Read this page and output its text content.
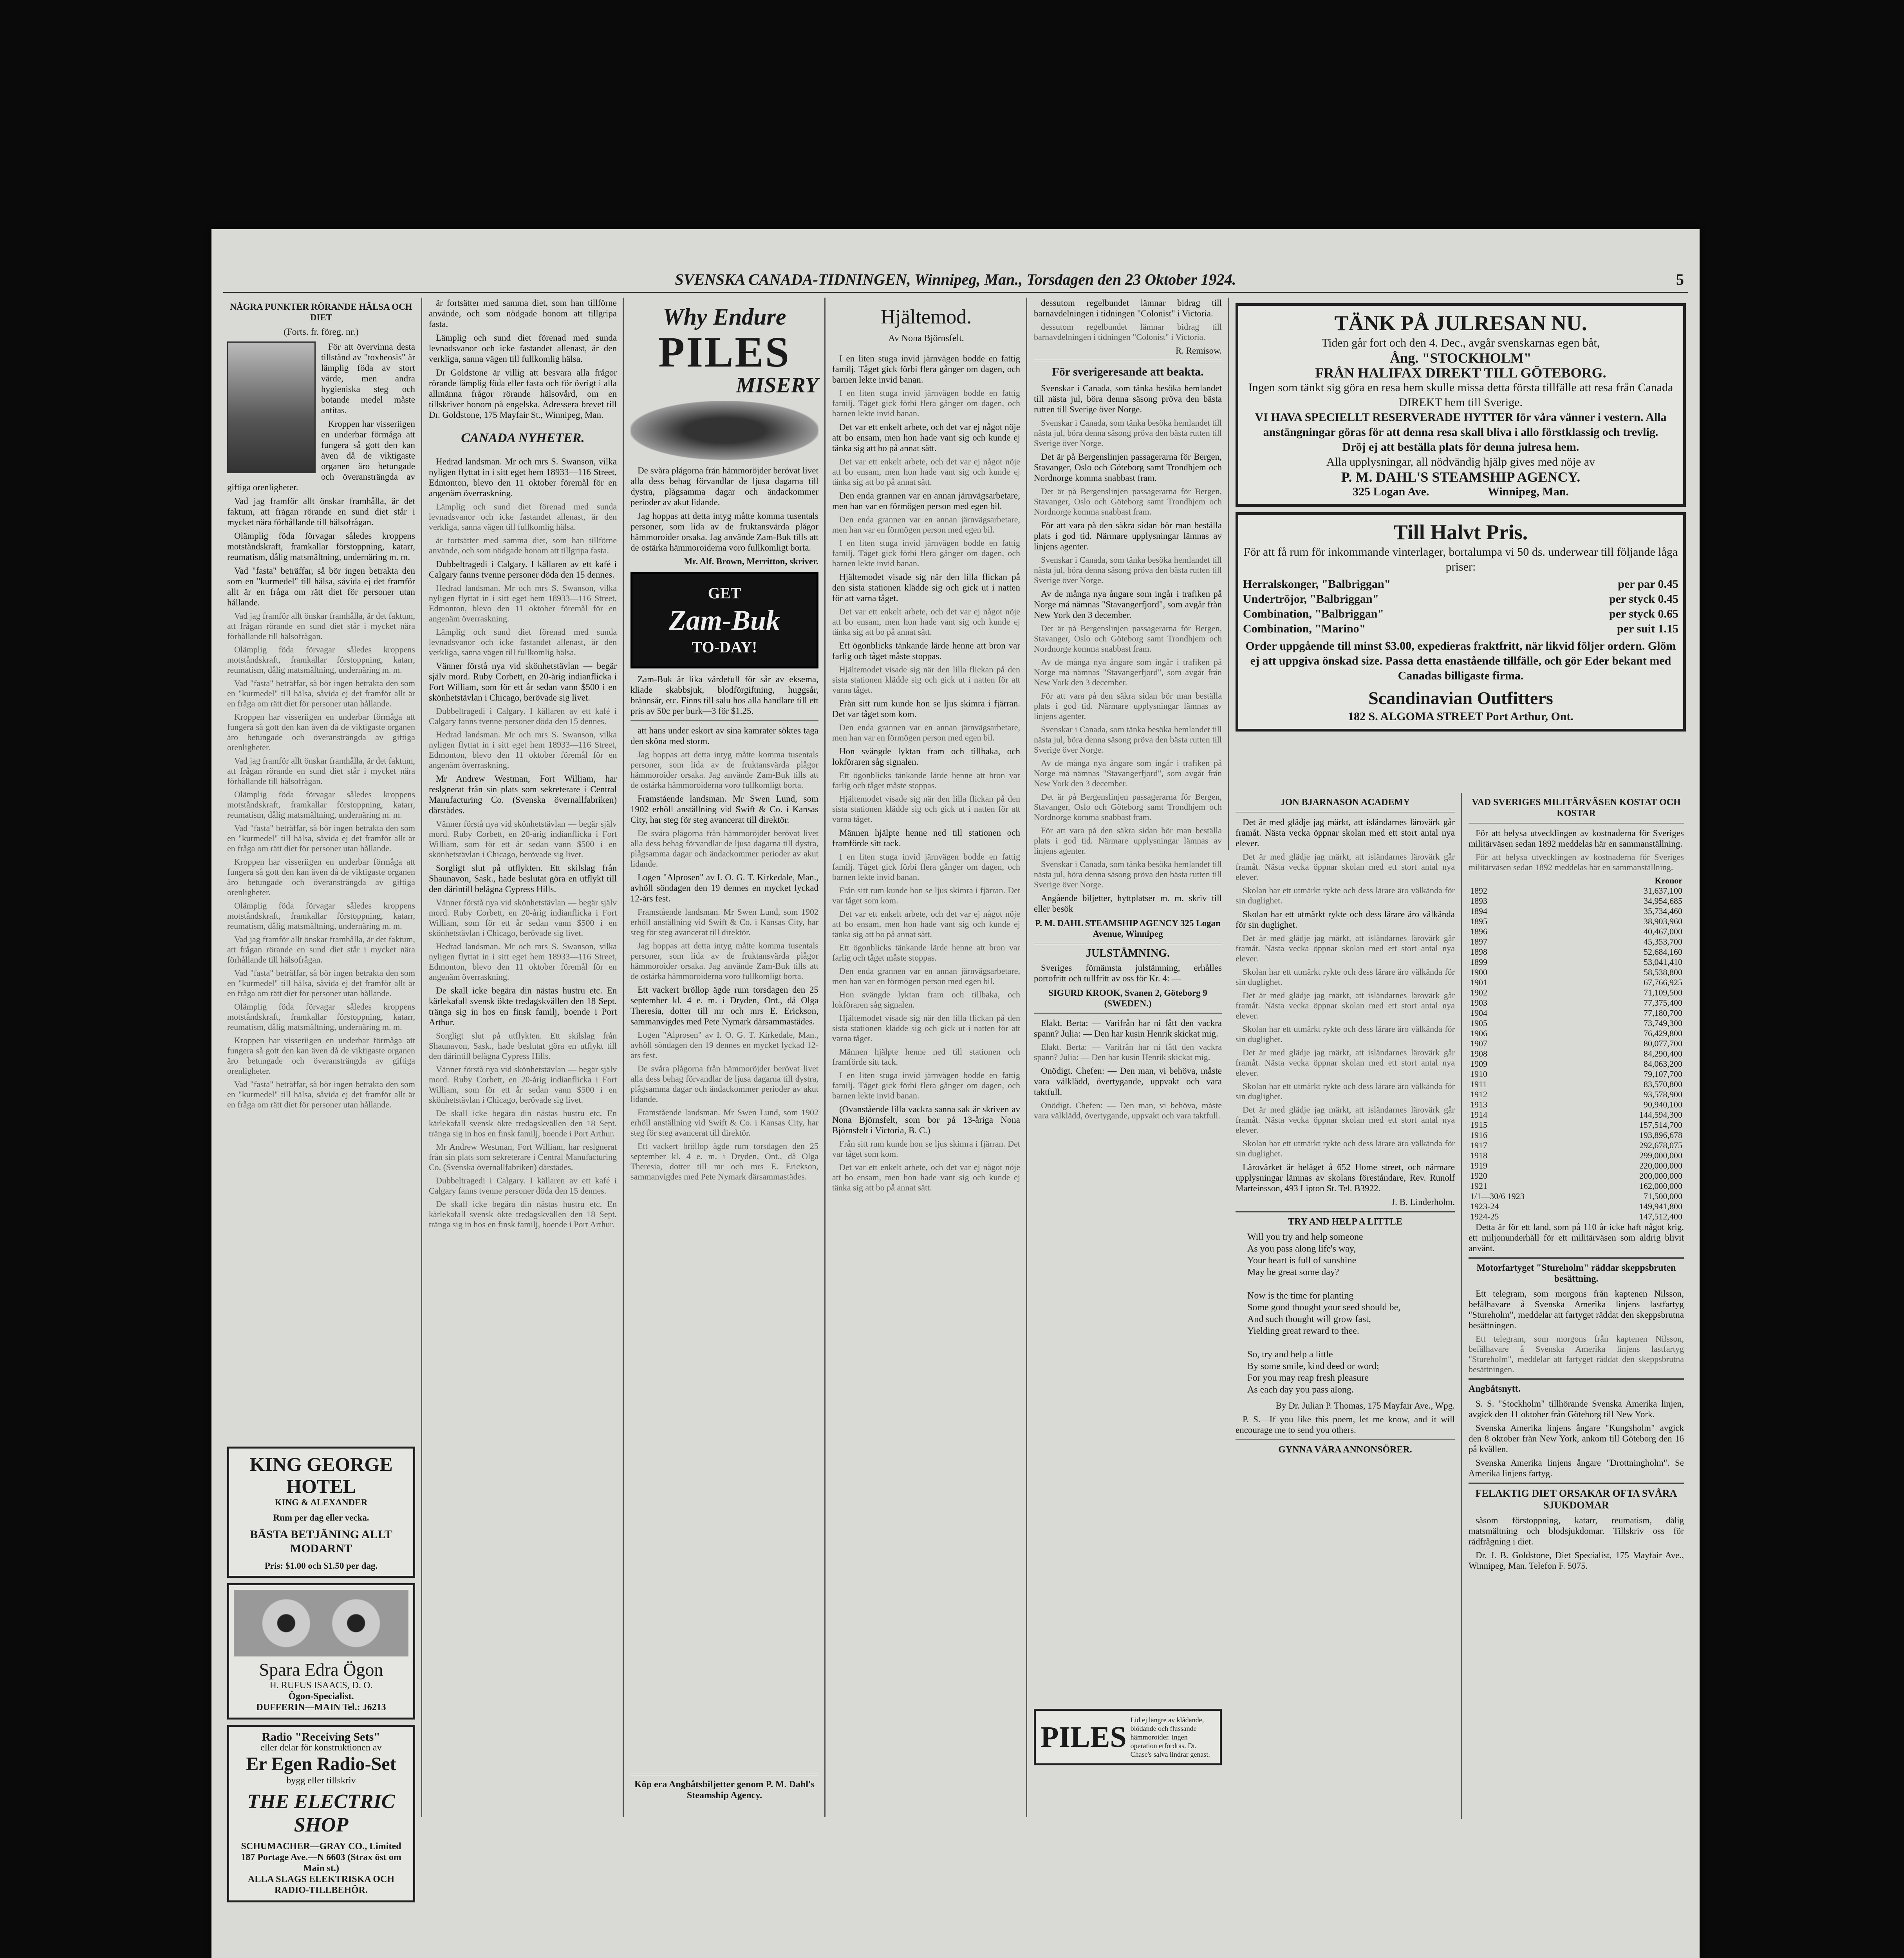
SVENSKA CANADA-TIDNINGEN, Winnipeg, Man., Torsdagen den 23 Oktober 1924.	5
NÅGRA PUNKTER RÖRANDE HÄLSA OCH DIET
(Forts. fr. föreg. nr.)

För att övervinna desta tillstånd av "toxheosis" är lämplig föda av stort värde, men andra hygieniska steg och botande medel måste antitas.

Kroppen har visseriigen en underbar förmåga att fungera så gott den kan även då de viktigaste organen äro betungade och överansträngda av giftiga orenligheter.

Vad jag framför allt önskar framhålla, är det faktum, att frågan rörande en sund diet står i mycket nära förhållande till hälsofrågan.

Olämplig föda förvagar således kroppens motståndskraft, framkallar förstoppning, katarr, reumatism, dålig matsmältning, undernäring m. m.

Vad "fasta" beträffar, så bör ingen betrakta den som en "kurmedel" till hälsa, såvida ej det framför allt är en fråga om rätt diet för personer utan hållande.

Vad jag framför allt önskar framhålla, är det faktum, att frågan rörande en sund diet står i mycket nära förhållande till hälsofrågan.

Olämplig föda förvagar således kroppens motståndskraft, framkallar förstoppning, katarr, reumatism, dålig matsmältning, undernäring m. m.

Vad "fasta" beträffar, så bör ingen betrakta den som en "kurmedel" till hälsa, såvida ej det framför allt är en fråga om rätt diet för personer utan hållande.

Kroppen har visseriigen en underbar förmåga att fungera så gott den kan även då de viktigaste organen äro betungade och överansträngda av giftiga orenligheter.

Vad jag framför allt önskar framhålla, är det faktum, att frågan rörande en sund diet står i mycket nära förhållande till hälsofrågan.

Olämplig föda förvagar således kroppens motståndskraft, framkallar förstoppning, katarr, reumatism, dålig matsmältning, undernäring m. m.

Vad "fasta" beträffar, så bör ingen betrakta den som en "kurmedel" till hälsa, såvida ej det framför allt är en fråga om rätt diet för personer utan hållande.

Kroppen har visseriigen en underbar förmåga att fungera så gott den kan även då de viktigaste organen äro betungade och överansträngda av giftiga orenligheter.

Olämplig föda förvagar således kroppens motståndskraft, framkallar förstoppning, katarr, reumatism, dålig matsmältning, undernäring m. m.

Vad jag framför allt önskar framhålla, är det faktum, att frågan rörande en sund diet står i mycket nära förhållande till hälsofrågan.

Vad "fasta" beträffar, så bör ingen betrakta den som en "kurmedel" till hälsa, såvida ej det framför allt är en fråga om rätt diet för personer utan hållande.

Olämplig föda förvagar således kroppens motståndskraft, framkallar förstoppning, katarr, reumatism, dålig matsmältning, undernäring m. m.

Kroppen har visseriigen en underbar förmåga att fungera så gott den kan även då de viktigaste organen äro betungade och överansträngda av giftiga orenligheter.

Vad "fasta" beträffar, så bör ingen betrakta den som en "kurmedel" till hälsa, såvida ej det framför allt är en fråga om rätt diet för personer utan hållande.

KING GEORGE HOTEL
KING & ALEXANDER
Rum per dag eller vecka.
BÄSTA BETJÄNING ALLT MODARNT
Pris: $1.00 och $1.50 per dag.
Spara Edra Ögon
H. RUFUS ISAACS, D. O.
Ögon-Specialist.
DUFFERIN—MAIN Tel.: J6213
Radio "Receiving Sets"
eller delar för konstruktionen av
Er Egen Radio-Set
bygg eller tillskriv
THE ELECTRIC SHOP
SCHUMACHER—GRAY CO., Limited
187 Portage Ave.—N 6603 (Strax öst om Main st.)
ALLA SLAGS ELEKTRISKA OCH RADIO-TILLBEHÖR.

är fortsätter med samma diet, som han tillförne använde, och som nödgade honom att tillgripa fasta.

Lämplig och sund diet förenad med sunda levnadsvanor och icke fastandet allenast, är den verkliga, sanna vägen till fullkomlig hälsa.

Dr Goldstone är villig att besvara alla frågor rörande lämplig föda eller fasta och för övrigt i alla allmänna frågor rörande hälsovård, om en tillskriver honom på engelska. Adressera brevet till Dr. Goldstone, 175 Mayfair St., Winnipeg, Man.

CANADA NYHETER.

Hedrad landsman. Mr och mrs S. Swanson, vilka nyligen flyttat in i sitt eget hem 18933—116 Street, Edmonton, blevo den 11 oktober föremål för en angenäm överraskning.

Lämplig och sund diet förenad med sunda levnadsvanor och icke fastandet allenast, är den verkliga, sanna vägen till fullkomlig hälsa.

är fortsätter med samma diet, som han tillförne använde, och som nödgade honom att tillgripa fasta.

Dubbeltragedi i Calgary. I källaren av ett kafé i Calgary fanns tvenne personer döda den 15 dennes.

Hedrad landsman. Mr och mrs S. Swanson, vilka nyligen flyttat in i sitt eget hem 18933—116 Street, Edmonton, blevo den 11 oktober föremål för en angenäm överraskning.

Lämplig och sund diet förenad med sunda levnadsvanor och icke fastandet allenast, är den verkliga, sanna vägen till fullkomlig hälsa.

Vänner förstå nya vid skönhetstävlan — begär själv mord. Ruby Corbett, en 20-årig indianflicka i Fort William, som för ett år sedan vann $500 i en skönhetstävlan i Chicago, berövade sig livet.

Dubbeltragedi i Calgary. I källaren av ett kafé i Calgary fanns tvenne personer döda den 15 dennes.

Hedrad landsman. Mr och mrs S. Swanson, vilka nyligen flyttat in i sitt eget hem 18933—116 Street, Edmonton, blevo den 11 oktober föremål för en angenäm överraskning.

Mr Andrew Westman, Fort William, har reslgnerat från sin plats som sekreterare i Central Manufacturing Co. (Svenska övernallfabriken) därstädes.

Vänner förstå nya vid skönhetstävlan — begär själv mord. Ruby Corbett, en 20-årig indianflicka i Fort William, som för ett år sedan vann $500 i en skönhetstävlan i Chicago, berövade sig livet.

Sorgligt slut på utflykten. Ett skilslag från Shaunavon, Sask., hade beslutat göra en utflykt till den därintill belägna Cypress Hills.

Vänner förstå nya vid skönhetstävlan — begär själv mord. Ruby Corbett, en 20-årig indianflicka i Fort William, som för ett år sedan vann $500 i en skönhetstävlan i Chicago, berövade sig livet.

Hedrad landsman. Mr och mrs S. Swanson, vilka nyligen flyttat in i sitt eget hem 18933—116 Street, Edmonton, blevo den 11 oktober föremål för en angenäm överraskning.

De skall icke begära din nästas hustru etc. En kärlekafall svensk ökte tredagskvällen den 18 Sept. tränga sig in hos en finsk familj, boende i Port Arthur.

Sorgligt slut på utflykten. Ett skilslag från Shaunavon, Sask., hade beslutat göra en utflykt till den därintill belägna Cypress Hills.

Vänner förstå nya vid skönhetstävlan — begär själv mord. Ruby Corbett, en 20-årig indianflicka i Fort William, som för ett år sedan vann $500 i en skönhetstävlan i Chicago, berövade sig livet.

De skall icke begära din nästas hustru etc. En kärlekafall svensk ökte tredagskvällen den 18 Sept. tränga sig in hos en finsk familj, boende i Port Arthur.

Mr Andrew Westman, Fort William, har reslgnerat från sin plats som sekreterare i Central Manufacturing Co. (Svenska övernallfabriken) därstädes.

Dubbeltragedi i Calgary. I källaren av ett kafé i Calgary fanns tvenne personer döda den 15 dennes.

De skall icke begära din nästas hustru etc. En kärlekafall svensk ökte tredagskvällen den 18 Sept. tränga sig in hos en finsk familj, boende i Port Arthur.

Why Endure
PILES
MISERY

De svåra plågorna från hämmoröjder berövat livet alla dess behag förvandlar de ljusa dagarna till dystra, plågsamma dagar och ändackommer perioder av akut lidande.

Jag hoppas att detta intyg måtte komma tusentals personer, som lida av de fruktansvärda plågor hämmoroider orsaka. Jag använde Zam-Buk tills att de ostärka hämmoroiderna voro fullkomligt borta.

Mr. Alf. Brown, Merritton, skriver.

GET
Zam-Buk
TO-DAY!

Zam-Buk är lika värdefull för sår av eksema, kliade skabbsjuk, blodförgiftning, huggsår, brännsår, etc. Finns till salu hos alla handlare till ett pris av 50c per burk—3 för $1.25.

att hans under eskort av sina kamrater söktes taga den sköna med storm.

Jag hoppas att detta intyg måtte komma tusentals personer, som lida av de fruktansvärda plågor hämmoroider orsaka. Jag använde Zam-Buk tills att de ostärka hämmoroiderna voro fullkomligt borta.

Framstående landsman. Mr Swen Lund, som 1902 erhöll anställning vid Swift & Co. i Kansas City, har steg för steg avancerat till direktör.

De svåra plågorna från hämmoröjder berövat livet alla dess behag förvandlar de ljusa dagarna till dystra, plågsamma dagar och ändackommer perioder av akut lidande.

Logen "Alprosen" av I. O. G. T. Kirkedale, Man., avhöll söndagen den 19 dennes en mycket lyckad 12-års fest.

Framstående landsman. Mr Swen Lund, som 1902 erhöll anställning vid Swift & Co. i Kansas City, har steg för steg avancerat till direktör.

Jag hoppas att detta intyg måtte komma tusentals personer, som lida av de fruktansvärda plågor hämmoroider orsaka. Jag använde Zam-Buk tills att de ostärka hämmoroiderna voro fullkomligt borta.

Ett vackert bröllop ägde rum torsdagen den 25 september kl. 4 e. m. i Dryden, Ont., då Olga Theresia, dotter till mr och mrs E. Erickson, sammanvigdes med Pete Nymark därsammastädes.

Logen "Alprosen" av I. O. G. T. Kirkedale, Man., avhöll söndagen den 19 dennes en mycket lyckad 12-års fest.

De svåra plågorna från hämmoröjder berövat livet alla dess behag förvandlar de ljusa dagarna till dystra, plågsamma dagar och ändackommer perioder av akut lidande.

Framstående landsman. Mr Swen Lund, som 1902 erhöll anställning vid Swift & Co. i Kansas City, har steg för steg avancerat till direktör.

Ett vackert bröllop ägde rum torsdagen den 25 september kl. 4 e. m. i Dryden, Ont., då Olga Theresia, dotter till mr och mrs E. Erickson, sammanvigdes med Pete Nymark därsammastädes.

Köp era Angbåtsbiljetter genom P. M. Dahl's Steamship Agency.
Hjältemod.
Av Nona Björnsfelt.

I en liten stuga invid järnvägen bodde en fattig familj. Tåget gick förbi flera gånger om dagen, och barnen lekte invid banan.

I en liten stuga invid järnvägen bodde en fattig familj. Tåget gick förbi flera gånger om dagen, och barnen lekte invid banan.

Det var ett enkelt arbete, och det var ej något nöje att bo ensam, men hon hade vant sig och kunde ej tänka sig att bo på annat sätt.

Det var ett enkelt arbete, och det var ej något nöje att bo ensam, men hon hade vant sig och kunde ej tänka sig att bo på annat sätt.

Den enda grannen var en annan järnvägsarbetare, men han var en förmögen person med egen bil.

Den enda grannen var en annan järnvägsarbetare, men han var en förmögen person med egen bil.

I en liten stuga invid järnvägen bodde en fattig familj. Tåget gick förbi flera gånger om dagen, och barnen lekte invid banan.

Hjältemodet visade sig när den lilla flickan på den sista stationen klädde sig och gick ut i natten för att varna tåget.

Det var ett enkelt arbete, och det var ej något nöje att bo ensam, men hon hade vant sig och kunde ej tänka sig att bo på annat sätt.

Ett ögonblicks tänkande lärde henne att bron var farlig och tåget måste stoppas.

Hjältemodet visade sig när den lilla flickan på den sista stationen klädde sig och gick ut i natten för att varna tåget.

Från sitt rum kunde hon se ljus skimra i fjärran. Det var tåget som kom.

Den enda grannen var en annan järnvägsarbetare, men han var en förmögen person med egen bil.

Hon svängde lyktan fram och tillbaka, och lokföraren såg signalen.

Ett ögonblicks tänkande lärde henne att bron var farlig och tåget måste stoppas.

Hjältemodet visade sig när den lilla flickan på den sista stationen klädde sig och gick ut i natten för att varna tåget.

Männen hjälpte henne ned till stationen och framförde sitt tack.

I en liten stuga invid järnvägen bodde en fattig familj. Tåget gick förbi flera gånger om dagen, och barnen lekte invid banan.

Från sitt rum kunde hon se ljus skimra i fjärran. Det var tåget som kom.

Det var ett enkelt arbete, och det var ej något nöje att bo ensam, men hon hade vant sig och kunde ej tänka sig att bo på annat sätt.

Ett ögonblicks tänkande lärde henne att bron var farlig och tåget måste stoppas.

Den enda grannen var en annan järnvägsarbetare, men han var en förmögen person med egen bil.

Hon svängde lyktan fram och tillbaka, och lokföraren såg signalen.

Hjältemodet visade sig när den lilla flickan på den sista stationen klädde sig och gick ut i natten för att varna tåget.

Männen hjälpte henne ned till stationen och framförde sitt tack.

I en liten stuga invid järnvägen bodde en fattig familj. Tåget gick förbi flera gånger om dagen, och barnen lekte invid banan.

(Ovanstående lilla vackra sanna sak är skriven av Nona Björnsfelt, som bor på 13-åriga Nona Björnsfelt i Victoria, B. C.)

Från sitt rum kunde hon se ljus skimra i fjärran. Det var tåget som kom.

Det var ett enkelt arbete, och det var ej något nöje att bo ensam, men hon hade vant sig och kunde ej tänka sig att bo på annat sätt.

dessutom regelbundet lämnar bidrag till barnavdelningen i tidningen "Colonist" i Victoria.

dessutom regelbundet lämnar bidrag till barnavdelningen i tidningen "Colonist" i Victoria.

R. Remisow.

För sverigeresande att beakta.

Svenskar i Canada, som tänka besöka hemlandet till nästa jul, böra denna säsong pröva den bästa rutten till Sverige över Norge.

Svenskar i Canada, som tänka besöka hemlandet till nästa jul, böra denna säsong pröva den bästa rutten till Sverige över Norge.

Det är på Bergenslinjen passagerarna för Bergen, Stavanger, Oslo och Göteborg samt Trondhjem och Nordnorge komma snabbast fram.

Det är på Bergenslinjen passagerarna för Bergen, Stavanger, Oslo och Göteborg samt Trondhjem och Nordnorge komma snabbast fram.

För att vara på den säkra sidan bör man beställa plats i god tid. Närmare upplysningar lämnas av linjens agenter.

Svenskar i Canada, som tänka besöka hemlandet till nästa jul, böra denna säsong pröva den bästa rutten till Sverige över Norge.

Av de många nya ångare som ingår i trafiken på Norge må nämnas "Stavangerfjord", som avgår från New York den 3 december.

Det är på Bergenslinjen passagerarna för Bergen, Stavanger, Oslo och Göteborg samt Trondhjem och Nordnorge komma snabbast fram.

Av de många nya ångare som ingår i trafiken på Norge må nämnas "Stavangerfjord", som avgår från New York den 3 december.

För att vara på den säkra sidan bör man beställa plats i god tid. Närmare upplysningar lämnas av linjens agenter.

Svenskar i Canada, som tänka besöka hemlandet till nästa jul, böra denna säsong pröva den bästa rutten till Sverige över Norge.

Av de många nya ångare som ingår i trafiken på Norge må nämnas "Stavangerfjord", som avgår från New York den 3 december.

Det är på Bergenslinjen passagerarna för Bergen, Stavanger, Oslo och Göteborg samt Trondhjem och Nordnorge komma snabbast fram.

För att vara på den säkra sidan bör man beställa plats i god tid. Närmare upplysningar lämnas av linjens agenter.

Svenskar i Canada, som tänka besöka hemlandet till nästa jul, böra denna säsong pröva den bästa rutten till Sverige över Norge.

Angående biljetter, hyttplatser m. m. skriv till eller besök

P. M. DAHL STEAMSHIP AGENCY 325 Logan Avenue, Winnipeg
JULSTÄMNING.

Sveriges förnämsta julstämning, erhålles portofritt och tullfritt av oss för Kr. 4: —

SIGURD KROOK, Svanen 2, Göteborg 9 (SWEDEN.)

Elakt. Berta: — Varifrån har ni fått den vackra spann? Julia: — Den har kusin Henrik skickat mig.

Elakt. Berta: — Varifrån har ni fått den vackra spann? Julia: — Den har kusin Henrik skickat mig.

Onödigt. Chefen: — Den man, vi behöva, måste vara välklädd, övertygande, uppvakt och vara taktfull.

Onödigt. Chefen: — Den man, vi behöva, måste vara välklädd, övertygande, uppvakt och vara taktfull.

PILES
Lid ej längre av klådande, blödande och flussande hämmoroider. Ingen operation erfordras. Dr. Chase's salva lindrar genast.
TÄNK PÅ JULRESAN NU.
Tiden går fort och den 4. Dec., avgår svenskarnas egen båt,
Ång. "STOCKHOLM"
FRÅN HALIFAX DIREKT TILL GÖTEBORG.
Ingen som tänkt sig göra en resa hem skulle missa detta första tillfälle att resa från Canada DIREKT hem till Sverige.
VI HAVA SPECIELLT RESERVERADE HYTTER för våra vänner i vestern. Alla anstängningar göras för att denna resa skall bliva i allo förstklassig och trevlig.
Dröj ej att beställa plats för denna julresa hem.
Alla upplysningar, all nödvändig hjälp gives med nöje av
P. M. DAHL'S STEAMSHIP AGENCY.
325 Logan Ave.                    Winnipeg, Man.
Till Halvt Pris.
För att få rum för inkommande vinterlager, bortalumpa vi 50 ds. underwear till följande låga priser:
Herralskonger, "Balbriggan"	per par 0.45
Undertröjor, "Balbriggan"	per styck 0.45
Combination, "Balbriggan"	per styck 0.65
Combination, "Marino"	per suit 1.15
Order uppgående till minst $3.00, expedieras fraktfritt, när likvid följer ordern. Glöm ej att uppgiva önskad size. Passa detta enastående tillfälle, och gör Eder bekant med Canadas billigaste firma.
Scandinavian Outfitters
182 S. ALGOMA STREET Port Arthur, Ont.
JON BJARNASON ACADEMY

Det är med glädje jag märkt, att isländarnes lärovärk går framåt. Nästa vecka öppnar skolan med ett stort antal nya elever.

Det är med glädje jag märkt, att isländarnes lärovärk går framåt. Nästa vecka öppnar skolan med ett stort antal nya elever.

Skolan har ett utmärkt rykte och dess lärare äro välkända för sin duglighet.

Skolan har ett utmärkt rykte och dess lärare äro välkända för sin duglighet.

Det är med glädje jag märkt, att isländarnes lärovärk går framåt. Nästa vecka öppnar skolan med ett stort antal nya elever.

Skolan har ett utmärkt rykte och dess lärare äro välkända för sin duglighet.

Det är med glädje jag märkt, att isländarnes lärovärk går framåt. Nästa vecka öppnar skolan med ett stort antal nya elever.

Skolan har ett utmärkt rykte och dess lärare äro välkända för sin duglighet.

Det är med glädje jag märkt, att isländarnes lärovärk går framåt. Nästa vecka öppnar skolan med ett stort antal nya elever.

Skolan har ett utmärkt rykte och dess lärare äro välkända för sin duglighet.

Det är med glädje jag märkt, att isländarnes lärovärk går framåt. Nästa vecka öppnar skolan med ett stort antal nya elever.

Skolan har ett utmärkt rykte och dess lärare äro välkända för sin duglighet.

Lärovärket är beläget å 652 Home street, och närmare upplysningar lämnas av skolans föreståndare, Rev. Runolf Marteinsson, 493 Lipton St. Tel. B3922.

J. B. Linderholm.

TRY AND HELP A LITTLE
Will you try and help someone
As you pass along life's way,
Your heart is full of sunshine
May be great some day?

Now is the time for planting
Some good thought your seed should be,
And such thought will grow fast,
Yielding great reward to thee.

So, try and help a little
By some smile, kind deed or word;
For you may reap fresh pleasure
As each day you pass along.

By Dr. Julian P. Thomas, 175 Mayfair Ave., Wpg.

P. S.—If you like this poem, let me know, and it will encourage me to send you others.

GYNNA VÅRA ANNONSÖRER.
VAD SVERIGES MILITÄRVÄSEN KOSTAT OCH KOSTAR

För att belysa utvecklingen av kostnaderna för Sveriges militärväsen sedan 1892 meddelas här en sammanställning.

För att belysa utvecklingen av kostnaderna för Sveriges militärväsen sedan 1892 meddelas här en sammanställning.

	Kronor
1892	31,637,100
1893	34,954,685
1894	35,734,460
1895	38,903,960
1896	40,467,000
1897	45,353,700
1898	52,684,160
1899	53,041,410
1900	58,538,800
1901	67,766,925
1902	71,109,500
1903	77,375,400
1904	77,180,700
1905	73,749,300
1906	76,429,800
1907	80,077,700
1908	84,290,400
1909	84,063,200
1910	79,107,700
1911	83,570,800
1912	93,578,900
1913	90,940,100
1914	144,594,300
1915	157,514,700
1916	193,896,678
1917	292,678,075
1918	299,000,000
1919	220,000,000
1920	200,000,000
1921	162,000,000
1/1—30/6 1923	71,500,000
1923-24	149,941,800
1924-25	147,512,400

Detta är för ett land, som på 110 år icke haft något krig, ett miljonunderhåll för ett militärväsen som aldrig blivit använt.

Motorfartyget "Stureholm" räddar skeppsbruten besättning.

Ett telegram, som morgons från kaptenen Nilsson, befälhavare å Svenska Amerika linjens lastfartyg "Stureholm", meddelar att fartyget räddat den skeppsbrutna besättningen.

Ett telegram, som morgons från kaptenen Nilsson, befälhavare å Svenska Amerika linjens lastfartyg "Stureholm", meddelar att fartyget räddat den skeppsbrutna besättningen.

Angbåtsnytt.

S. S. "Stockholm" tillhörande Svenska Amerika linjen, avgick den 11 oktober från Göteborg till New York.

Svenska Amerika linjens ångare "Kungsholm" avgick den 8 oktober från New York, ankom till Göteborg den 16 på kvällen.

Svenska Amerika linjens ångare "Drottningholm". Se Amerika linjens fartyg.

FELAKTIG DIET ORSAKAR OFTA SVÅRA SJUKDOMAR

såsom förstoppning, katarr, reumatism, dålig matsmältning och blodsjukdomar. Tillskriv oss för rådfrågning i diet.

Dr. J. B. Goldstone, Diet Specialist, 175 Mayfair Ave., Winnipeg, Man. Telefon F. 5075.
